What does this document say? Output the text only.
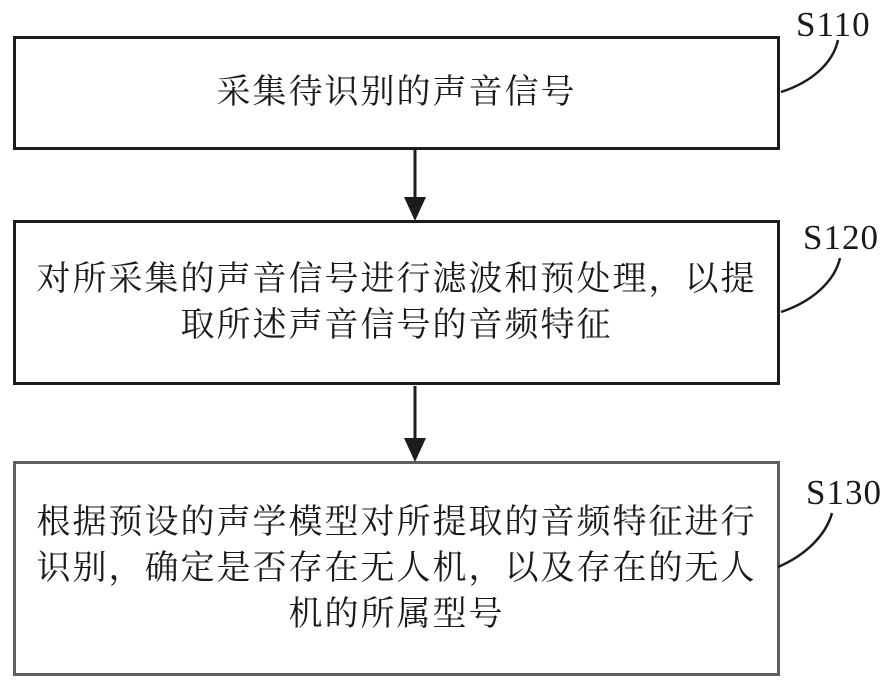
采集待识别的声音信号
对所采集的声音信号进行滤波和预处理，以提
取所述声音信号的音频特征
根据预设的声学模型对所提取的音频特征进行
识别，确定是否存在无人机，以及存在的无人
机的所属型号
S110
S120
S130
